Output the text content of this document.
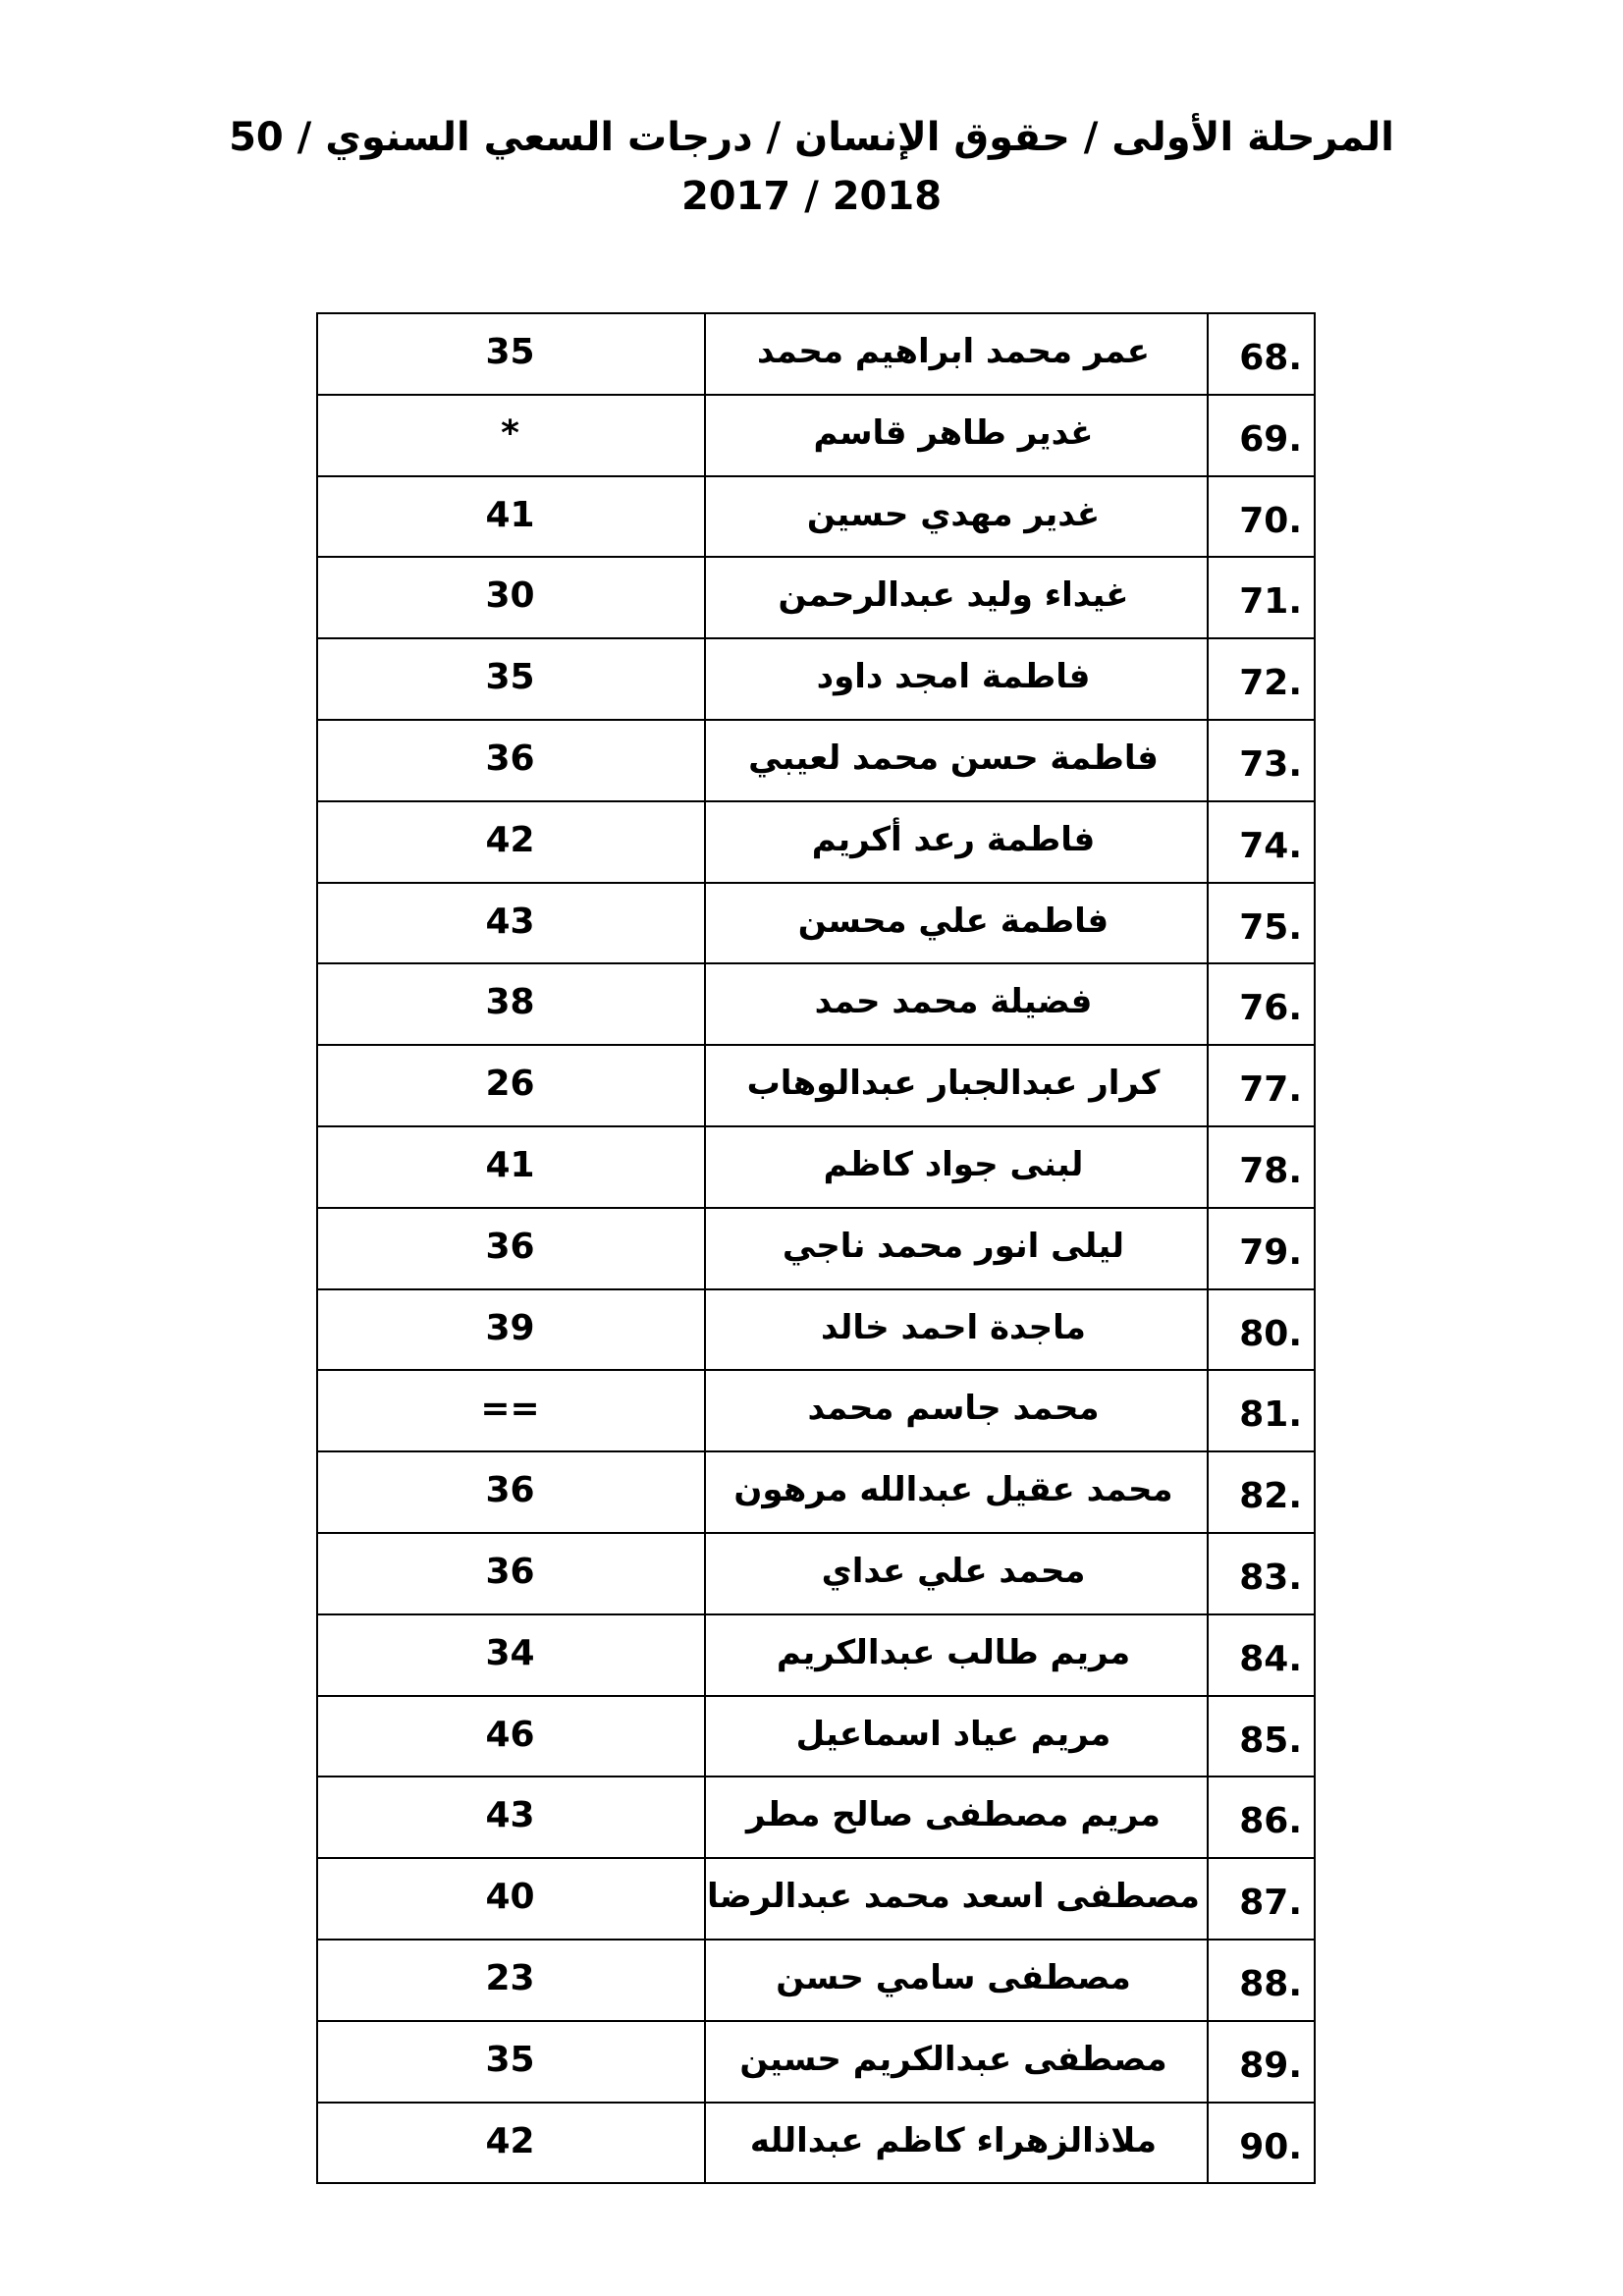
المرحلة الأولى / حقوق الإنسان / درجات السعي السنوي / 50
2017 / 2018
35	عمر محمد ابراهيم محمد	68.
*	غدير طاهر قاسم	69.
41	غدير مهدي حسين	70.
30	غيداء وليد عبدالرحمن	71.
35	فاطمة امجد داود	72.
36	فاطمة حسن محمد لعيبي	73.
42	فاطمة رعد أكريم	74.
43	فاطمة علي محسن	75.
38	فضيلة محمد حمد	76.
26	كرار عبدالجبار عبدالوهاب	77.
41	لبنى جواد كاظم	78.
36	ليلى انور محمد ناجي	79.
39	ماجدة احمد خالد	80.
==	محمد جاسم محمد	81.
36	محمد عقيل عبدالله مرهون	82.
36	محمد علي عداي	83.
34	مريم طالب عبدالكريم	84.
46	مريم عياد اسماعيل	85.
43	مريم مصطفى صالح مطر	86.
40	مصطفى اسعد محمد عبدالرضا	87.
23	مصطفى سامي حسن	88.
35	مصطفى عبدالكريم حسين	89.
42	ملاذالزهراء كاظم عبدالله	90.
